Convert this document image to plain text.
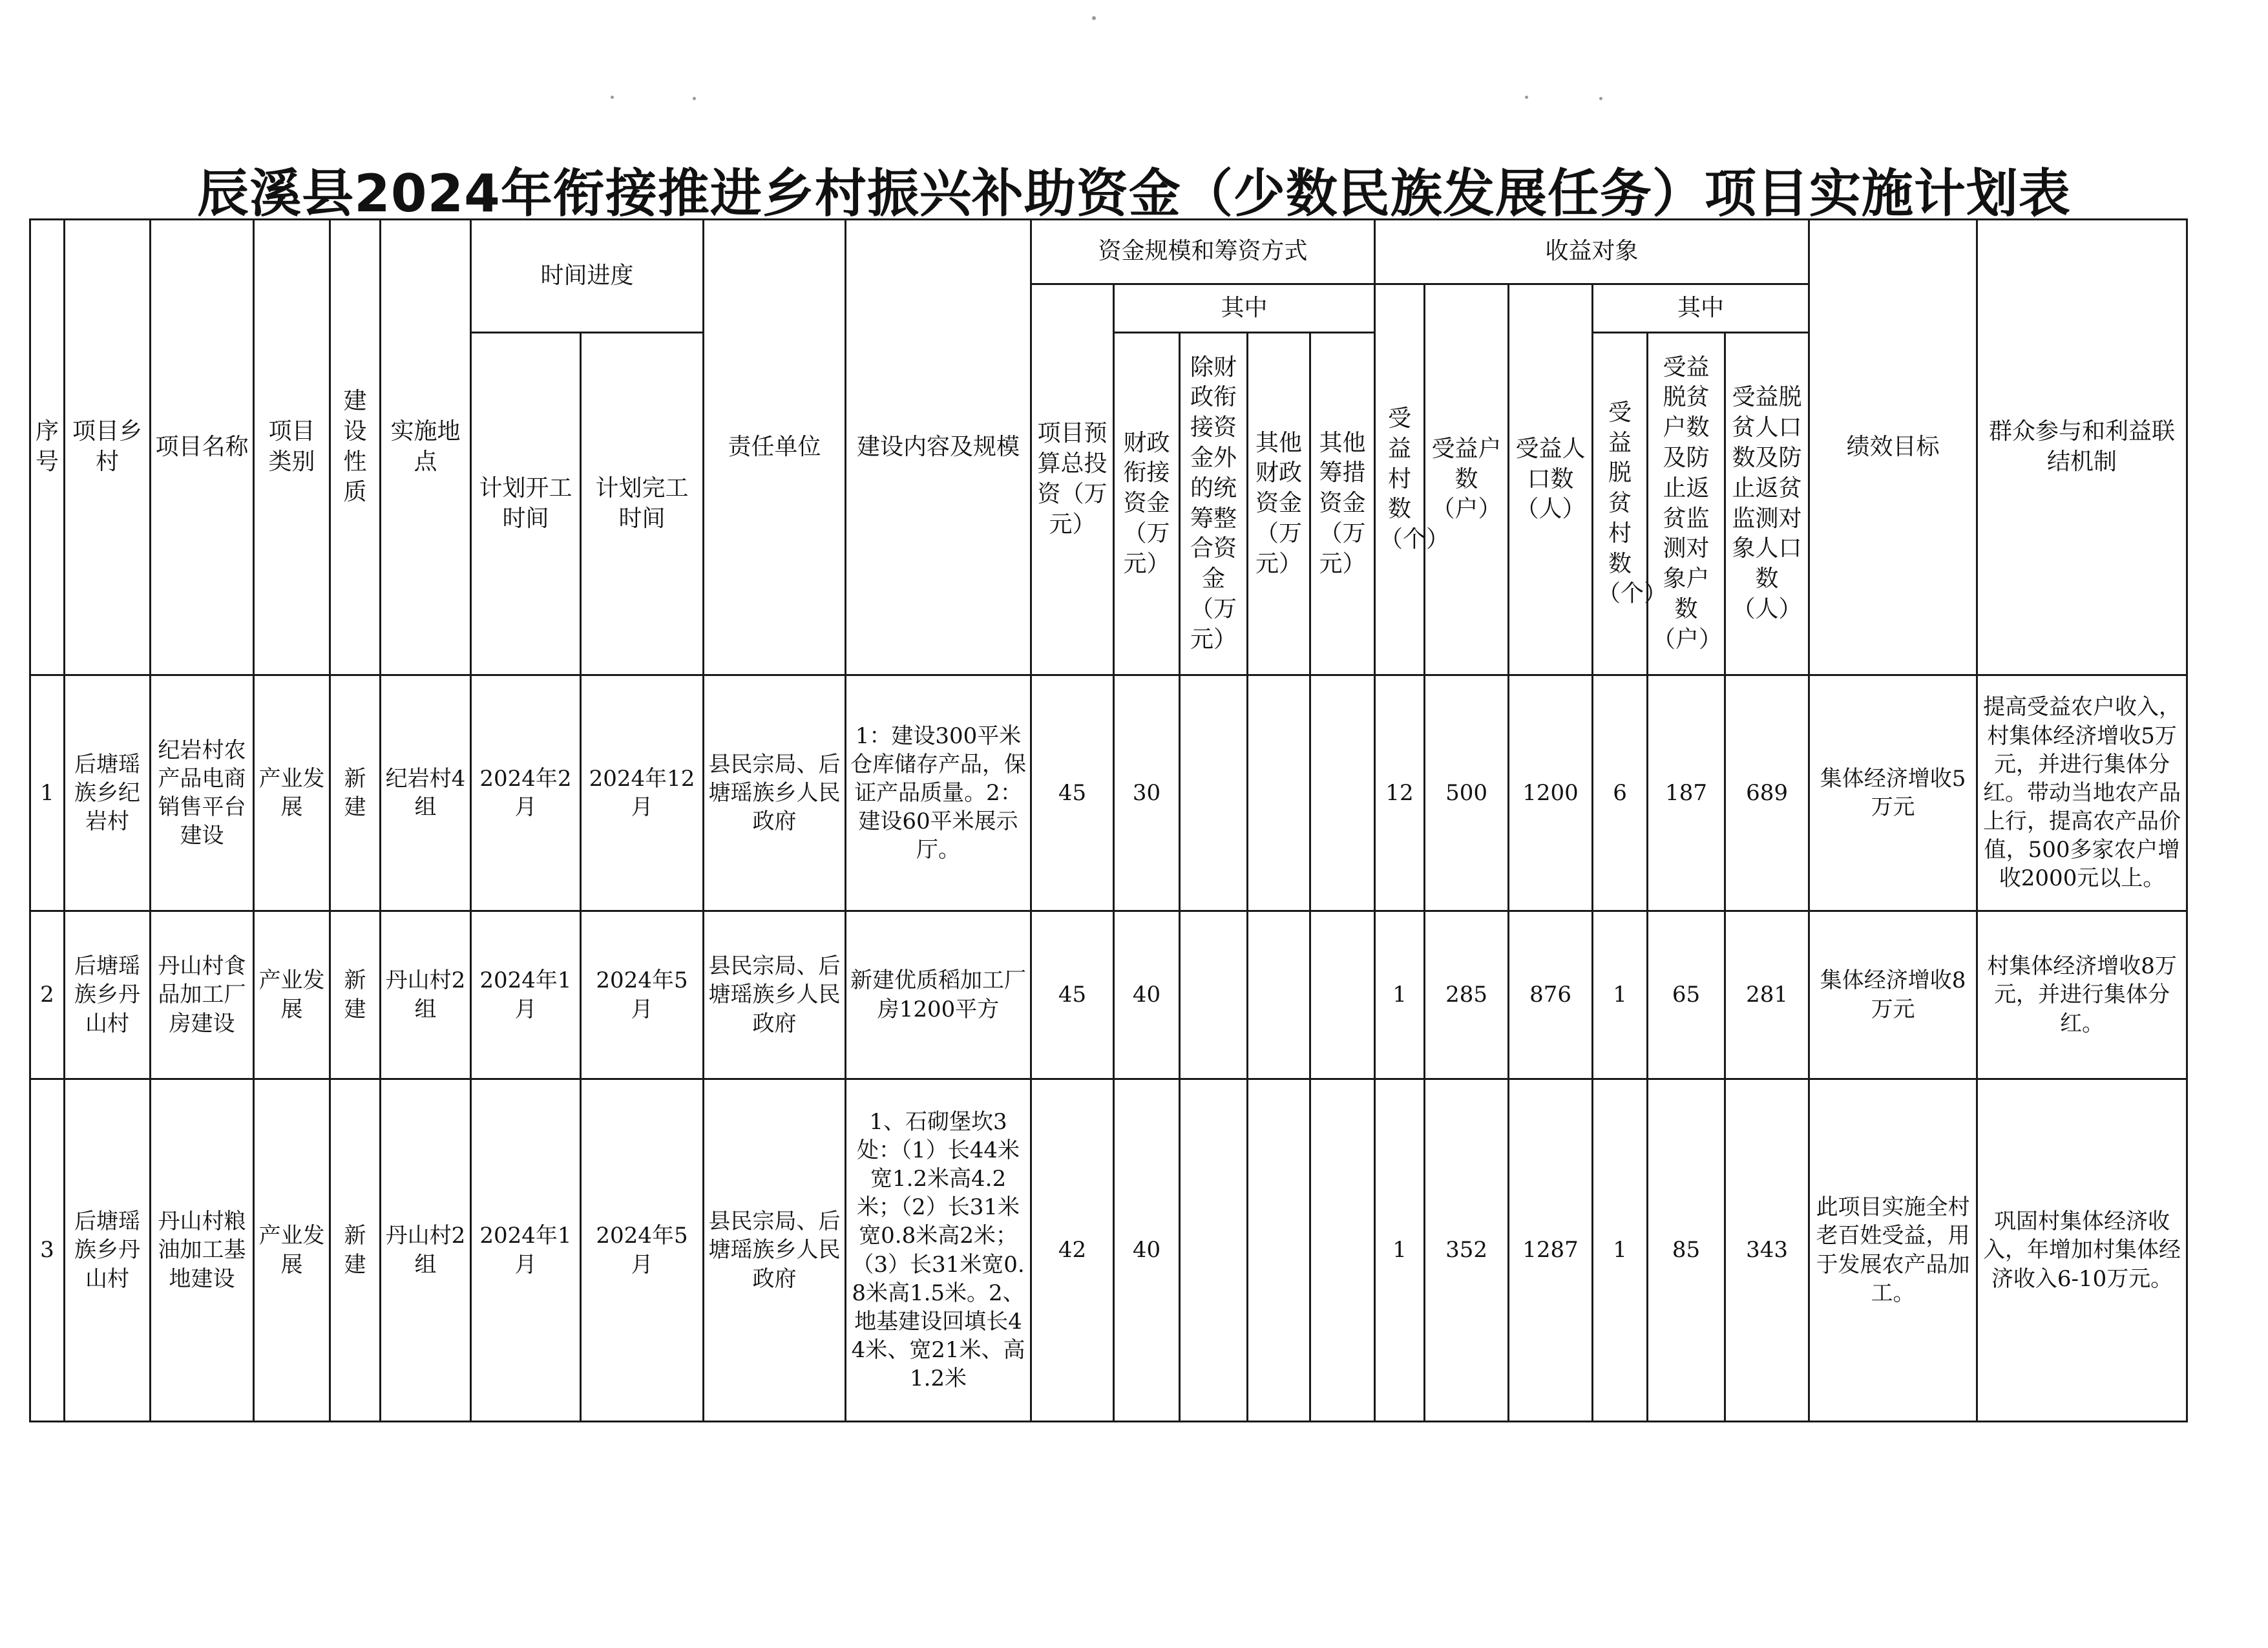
辰溪县2024年衔接推进乡村振兴补助资金（少数民族发展任务）项目实施计划表
序号	项目乡村	项目名称	项目类别	建设性质	实施地点	时间进度		责任单位	建设内容及规模	资金规模和筹资方式					收益对象						绩效目标	群众参与和利益联结机制
										项目预算总投资（万元）	其中				受益村数（个）	受益户数（户）	受益人口数（人）	其中				
						计划开工时间	计划完工时间				财政衔接资金（万元）	除财政衔接资金外的统筹整合资金（万元）	其他财政资金（万元）	其他筹措资金（万元）				受益脱贫村数（个）	受益脱贫户数及防止返贫监测对象户数（户）	受益脱贫人口数及防止返贫监测对象人口数（人）		
1	后塘瑶族乡纪岩村	纪岩村农产品电商销售平台建设	产业发展	新建	纪岩村4组	2024年2月	2024年12月	县民宗局、后塘瑶族乡人民政府	1：建设300平米仓库储存产品，保证产品质量。2：建设60平米展示厅。	45	30				12	500	1200	6	187	689	集体经济增收5万元	提高受益农户收入，村集体经济增收5万元，并进行集体分红。带动当地农产品上行，提高农产品价值，500多家农户增收2000元以上。
2	后塘瑶族乡丹山村	丹山村食品加工厂房建设	产业发展	新建	丹山村2组	2024年1月	2024年5月	县民宗局、后塘瑶族乡人民政府	新建优质稻加工厂房1200平方	45	40				1	285	876	1	65	281	集体经济增收8万元	村集体经济增收8万元，并进行集体分红。
3	后塘瑶族乡丹山村	丹山村粮油加工基地建设	产业发展	新建	丹山村2组	2024年1月	2024年5月	县民宗局、后塘瑶族乡人民政府	1、石砌堡坎3处：（1）长44米宽1.2米高4.2米；（2）长31米宽0.8米高2米；（3）长31米宽0.8米高1.5米。2、地基建设回填长44米、宽21米、高1.2米	42	40				1	352	1287	1	85	343	此项目实施全村老百姓受益，用于发展农产品加工。	巩固村集体经济收入，年增加村集体经济收入6-10万元。
